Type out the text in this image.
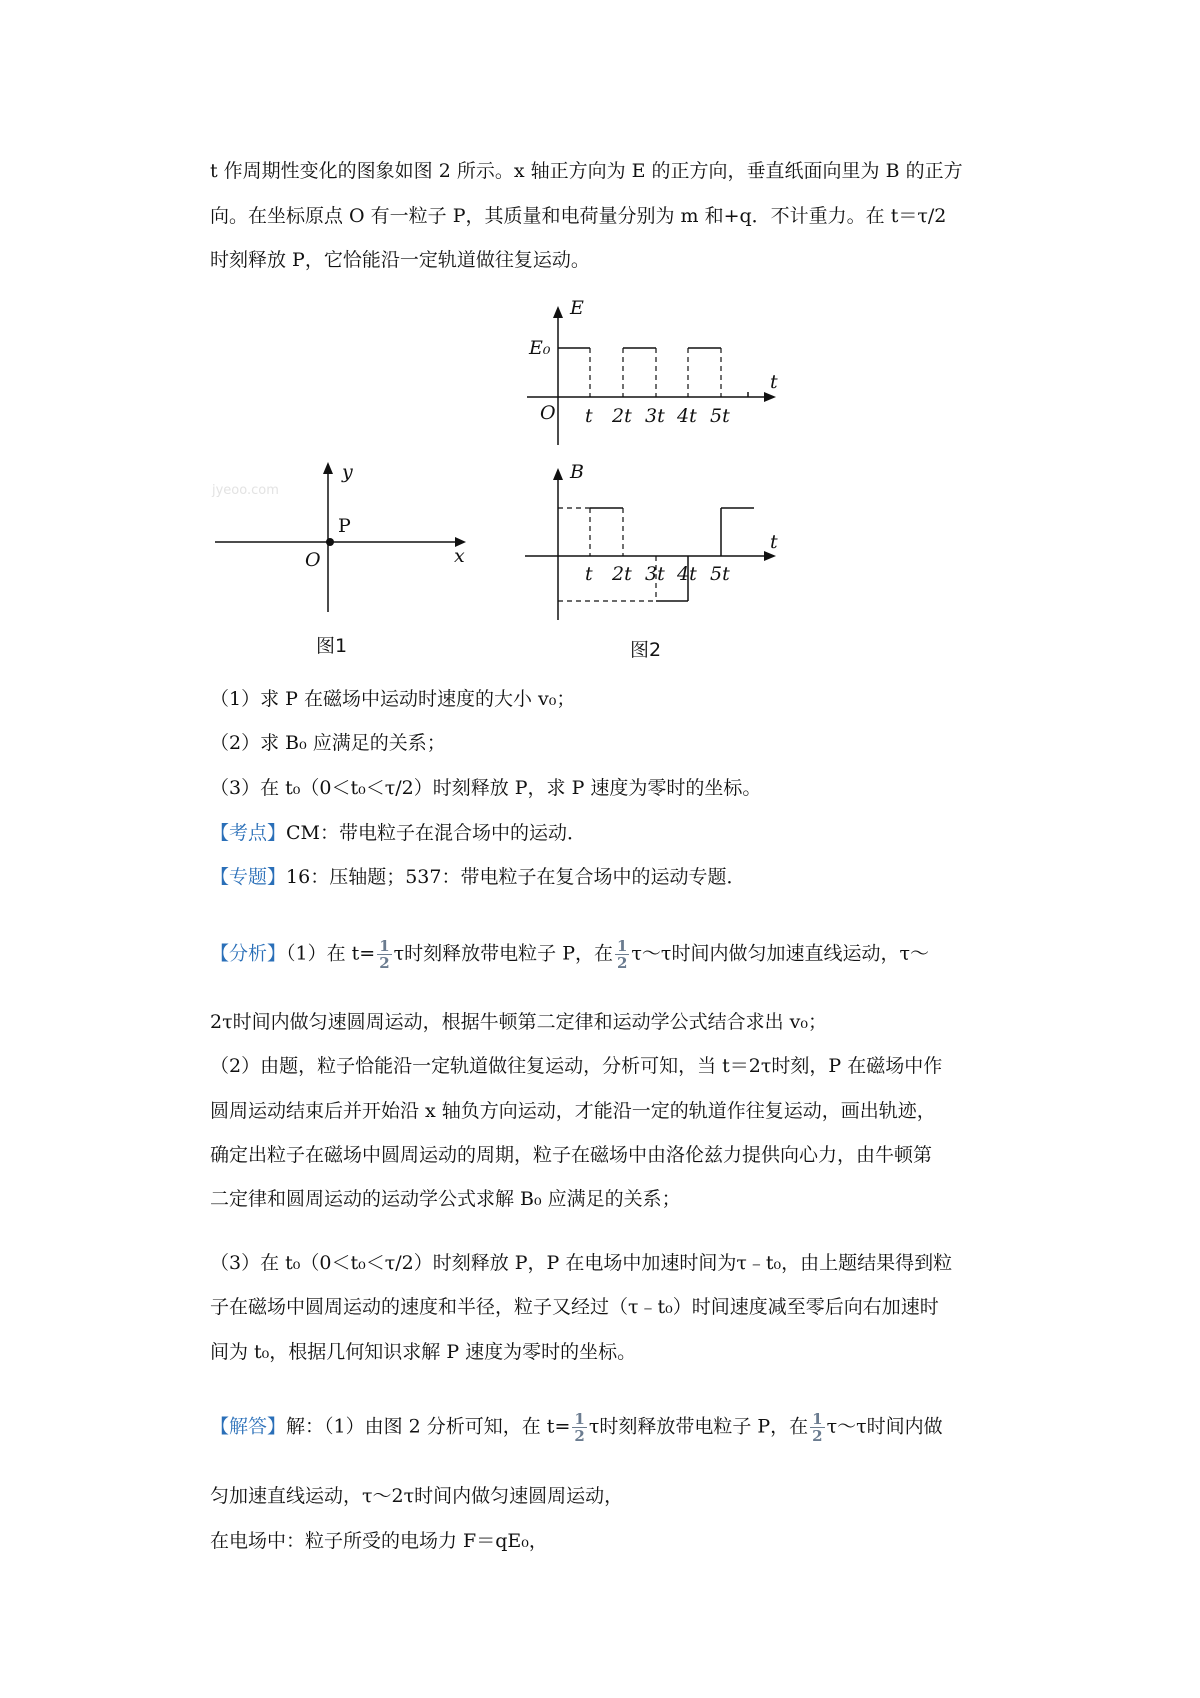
t 作周期性变化的图象如图 2 所示。x 轴正方向为 E 的正方向，垂直纸面向里为 B 的正方
向。在坐标原点 O 有一粒子 P，其质量和电荷量分别为 m 和+q．不计重力。在 t＝τ/2
时刻释放 P，它恰能沿一定轨道做往复运动。
y
x
O
P
jyeoo.com
图1
E
E₀
O
t
t 2t 3t 4t 5t
B
t
t 2t 3t 4t 5t
图2
（1）求 P 在磁场中运动时速度的大小 v₀；
（2）求 B₀ 应满足的关系；
（3）在 t₀（0＜t₀＜τ/2）时刻释放 P，求 P 速度为零时的坐标。
【考点】CM：带电粒子在混合场中的运动．
【专题】16：压轴题；537：带电粒子在复合场中的运动专题．
【分析】（1）在 $t= \frac{1}{2}$ τ时刻释放带电粒子 P，在 $\frac{1}{2}$ τ～τ时间内做匀加速直线运动，τ～
2τ时间内做匀速圆周运动，根据牛顿第二定律和运动学公式结合求出 v₀；
（2）由题，粒子恰能沿一定轨道做往复运动，分析可知，当 t＝2τ时刻，P 在磁场中作
圆周运动结束后并开始沿 x 轴负方向运动，才能沿一定的轨道作往复运动，画出轨迹，
确定出粒子在磁场中圆周运动的周期，粒子在磁场中由洛伦兹力提供向心力，由牛顿第
二定律和圆周运动的运动学公式求解 B₀ 应满足的关系；
（3）在 t₀（0＜t₀＜τ/2）时刻释放 P，P 在电场中加速时间为τ﹣t₀，由上题结果得到粒
子在磁场中圆周运动的速度和半径，粒子又经过（τ﹣t₀）时间速度减至零后向右加速时
间为 t₀，根据几何知识求解 P 速度为零时的坐标。
【解答】解：（1）由图 2 分析可知，在 $t= \frac{1}{2}$ τ时刻释放带电粒子 P，在 $\frac{1}{2}$ τ～τ时间内做
匀加速直线运动，τ～2τ时间内做匀速圆周运动，
在电场中：粒子所受的电场力 F＝qE₀，
